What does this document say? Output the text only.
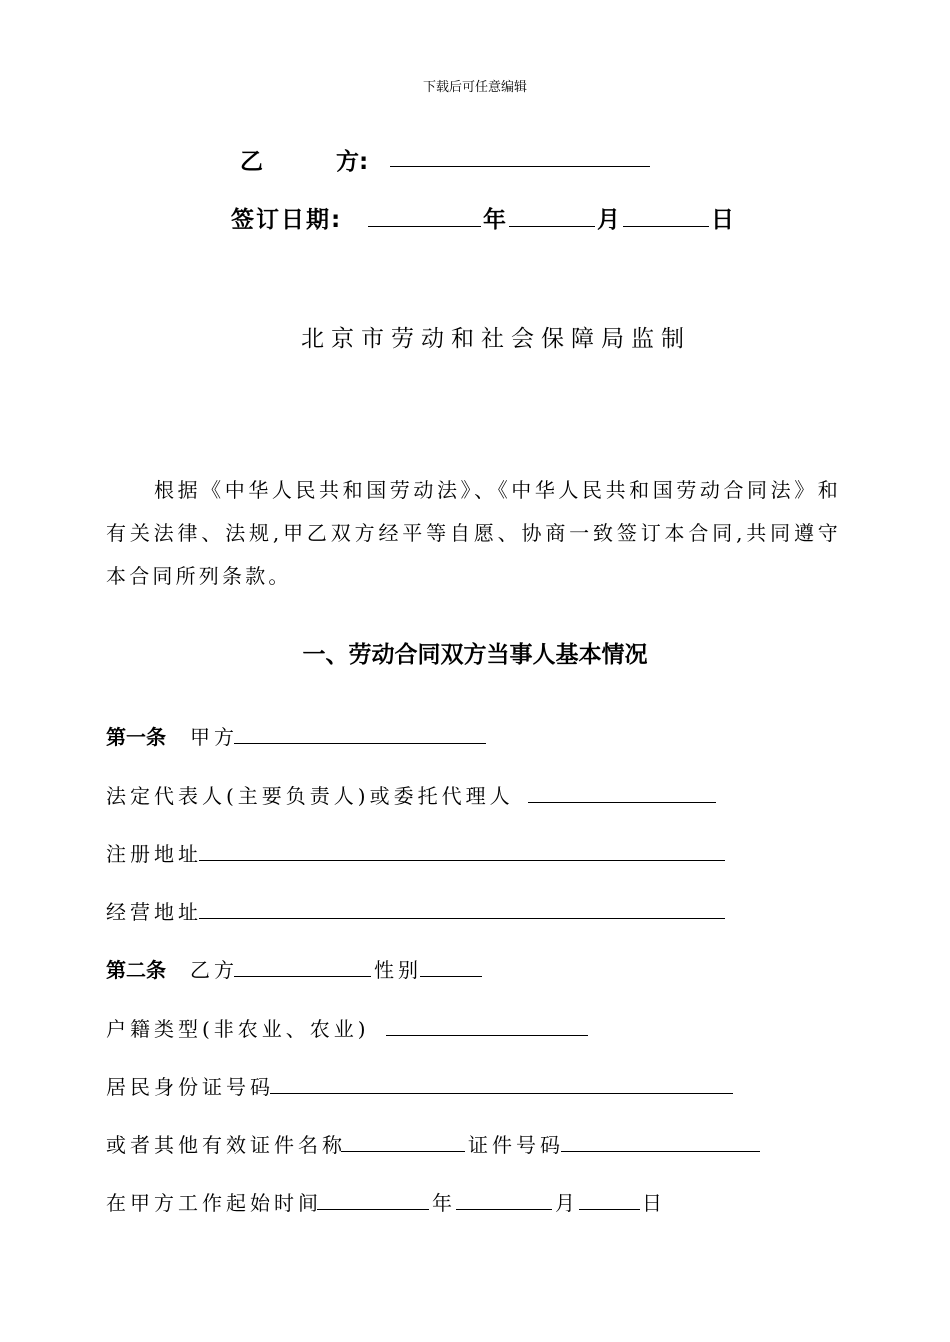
下载后可任意编辑
乙	方:
签订日期:	年	月	日
北京市劳动和社会保障局监制
根据《中华人民共和国劳动法》、《中华人民共和国劳动合同法》和有关法律、法规,甲乙双方经平等自愿、协商一致签订本合同,共同遵守本合同所列条款。
一、劳动合同双方当事人基本情况
第一条 甲方
法定代表人(主要负责人)或委托代理人
注册地址
经营地址
第二条 乙方	性别
户籍类型(非农业、农业)
居民身份证号码
或者其他有效证件名称	证件号码
在甲方工作起始时间	年	月	日
